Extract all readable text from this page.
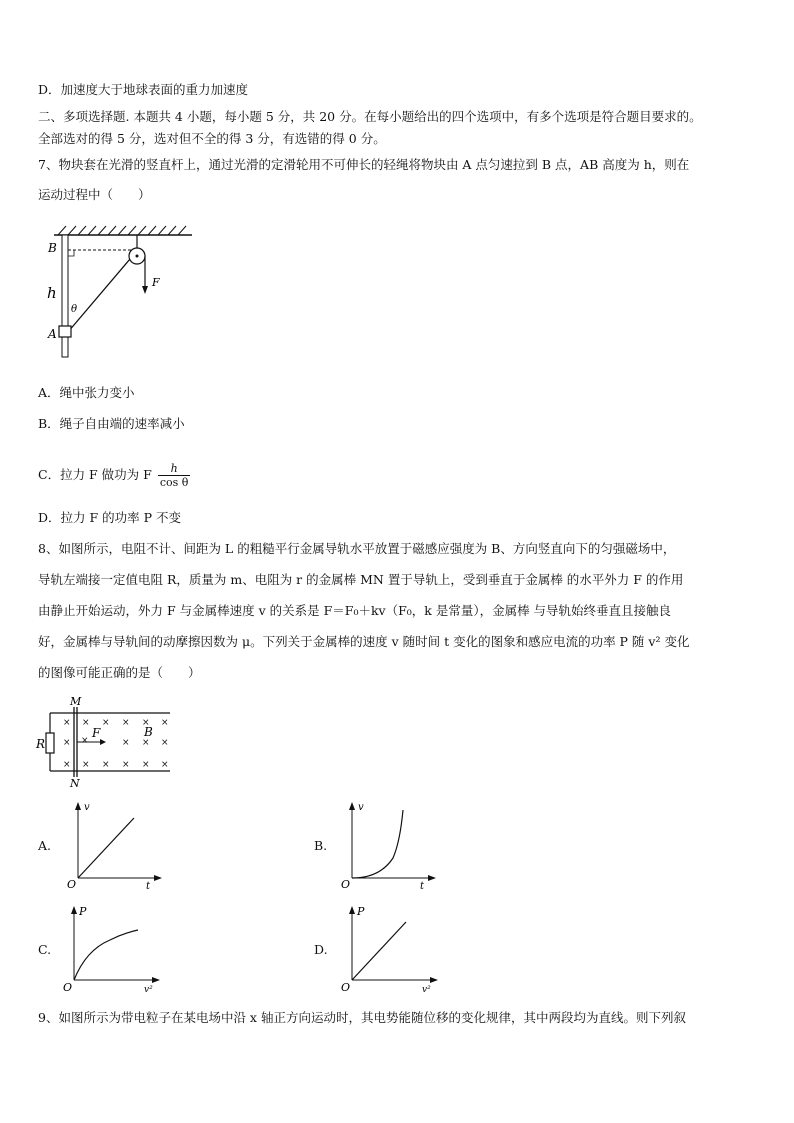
D．加速度大于地球表面的重力加速度
二、多项选择题. 本题共 4 小题，每小题 5 分，共 20 分。在每小题给出的四个选项中，有多个选项是符合题目要求的。
全部选对的得 5 分，选对但不全的得 3 分，有选错的得 0 分。
7、物块套在光滑的竖直杆上，通过光滑的定滑轮用不可伸长的轻绳将物块由 A 点匀速拉到 B 点，AB 高度为 h，则在
运动过程中（　　）
B
h
θ
A
F
A．绳中张力变小
B．绳子自由端的速率减小
C．拉力 F 做功为 F $\frac{h}{\text{cos θ}}$
D．拉力 F 的功率 P 不变
8、如图所示，电阻不计、间距为 L 的粗糙平行金属导轨水平放置于磁感应强度为 B、方向竖直向下的匀强磁场中，
导轨左端接一定值电阻 R，质量为 m、电阻为 r 的金属棒 MN 置于导轨上，受到垂直于金属棒 的水平外力 F 的作用
由静止开始运动，外力 F 与金属棒速度 v 的关系是 F＝F₀＋kv（F₀，k 是常量），金属棒 与导轨始终垂直且接触良
好，金属棒与导轨间的动摩擦因数为 μ。下列关于金属棒的速度 v 随时间 t 变化的图象和感应电流的功率 P 随 v² 变化
的图像可能正确的是（　　）
× × × × × ×
×	× × ×
× × × × × ×
×
M
N
R
F	B
A.
v
t
O
B.
v
t
O
C.
P
v²
O
D.
P
v²
O
9、如图所示为带电粒子在某电场中沿 x 轴正方向运动时，其电势能随位移的变化规律，其中两段均为直线。则下列叙
